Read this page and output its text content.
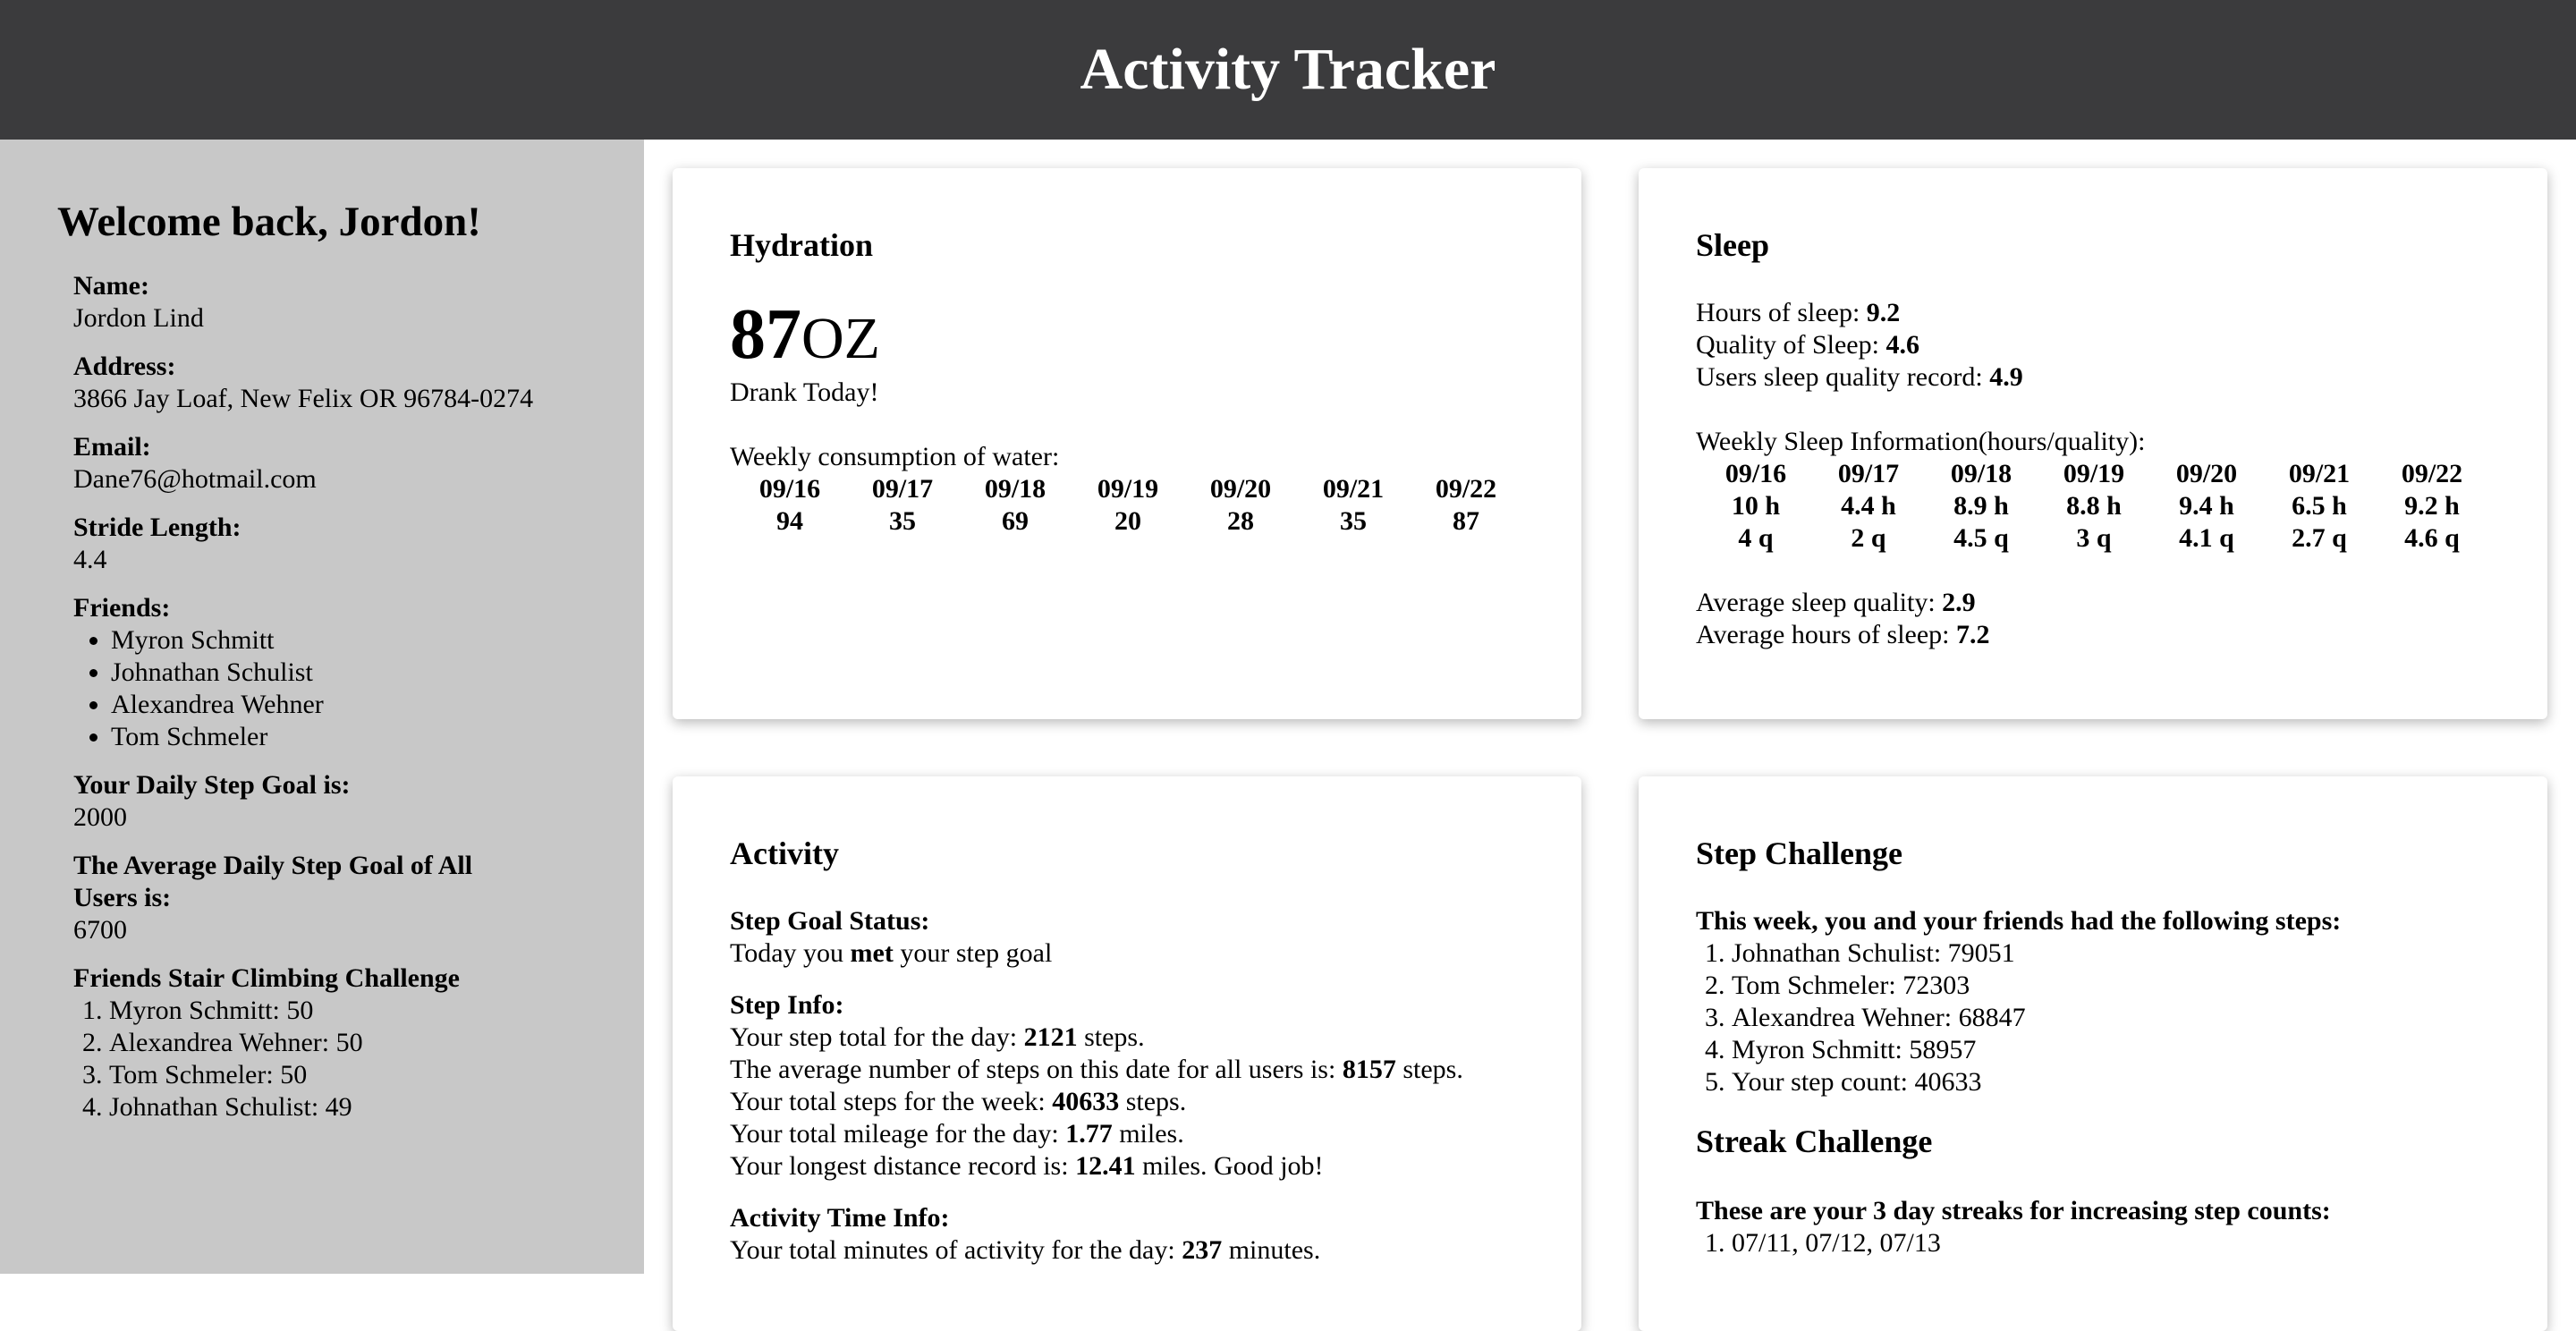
Activity Tracker
Welcome back, Jordon!
Name:
Jordon Lind
Address:
3866 Jay Loaf, New Felix OR 96784-0274
Email:
Dane76@hotmail.com
Stride Length:
4.4
Friends:
• Myron Schmitt
• Johnathan Schulist
• Alexandrea Wehner
• Tom Schmeler
Your Daily Step Goal is:
2000
The Average Daily Step Goal of All Users is:
6700
Friends Stair Climbing Challenge
1. Myron Schmitt: 50
2. Alexandrea Wehner: 50
3. Tom Schmeler: 50
4. Johnathan Schulist: 49
Hydration
87OZ
Drank Today!
Weekly consumption of water:
09/16	09/17	09/18	09/19	09/20	09/21	09/22
94	35	69	20	28	35	87
Sleep
Hours of sleep: 9.2
Quality of Sleep: 4.6
Users sleep quality record: 4.9
Weekly Sleep Information(hours/quality):
09/16	09/17	09/18	09/19	09/20	09/21	09/22
10 h	4.4 h	8.9 h	8.8 h	9.4 h	6.5 h	9.2 h
4 q	2 q	4.5 q	3 q	4.1 q	2.7 q	4.6 q
Average sleep quality: 2.9
Average hours of sleep: 7.2
Activity
Step Goal Status:
Today you met your step goal
Step Info:
Your step total for the day: 2121 steps.
The average number of steps on this date for all users is: 8157 steps.
Your total steps for the week: 40633 steps.
Your total mileage for the day: 1.77 miles.
Your longest distance record is: 12.41 miles. Good job!
Activity Time Info:
Your total minutes of activity for the day: 237 minutes.
Step Challenge
This week, you and your friends had the following steps:
1. Johnathan Schulist: 79051
2. Tom Schmeler: 72303
3. Alexandrea Wehner: 68847
4. Myron Schmitt: 58957
5. Your step count: 40633
Streak Challenge
These are your 3 day streaks for increasing step counts:
1. 07/11, 07/12, 07/13
